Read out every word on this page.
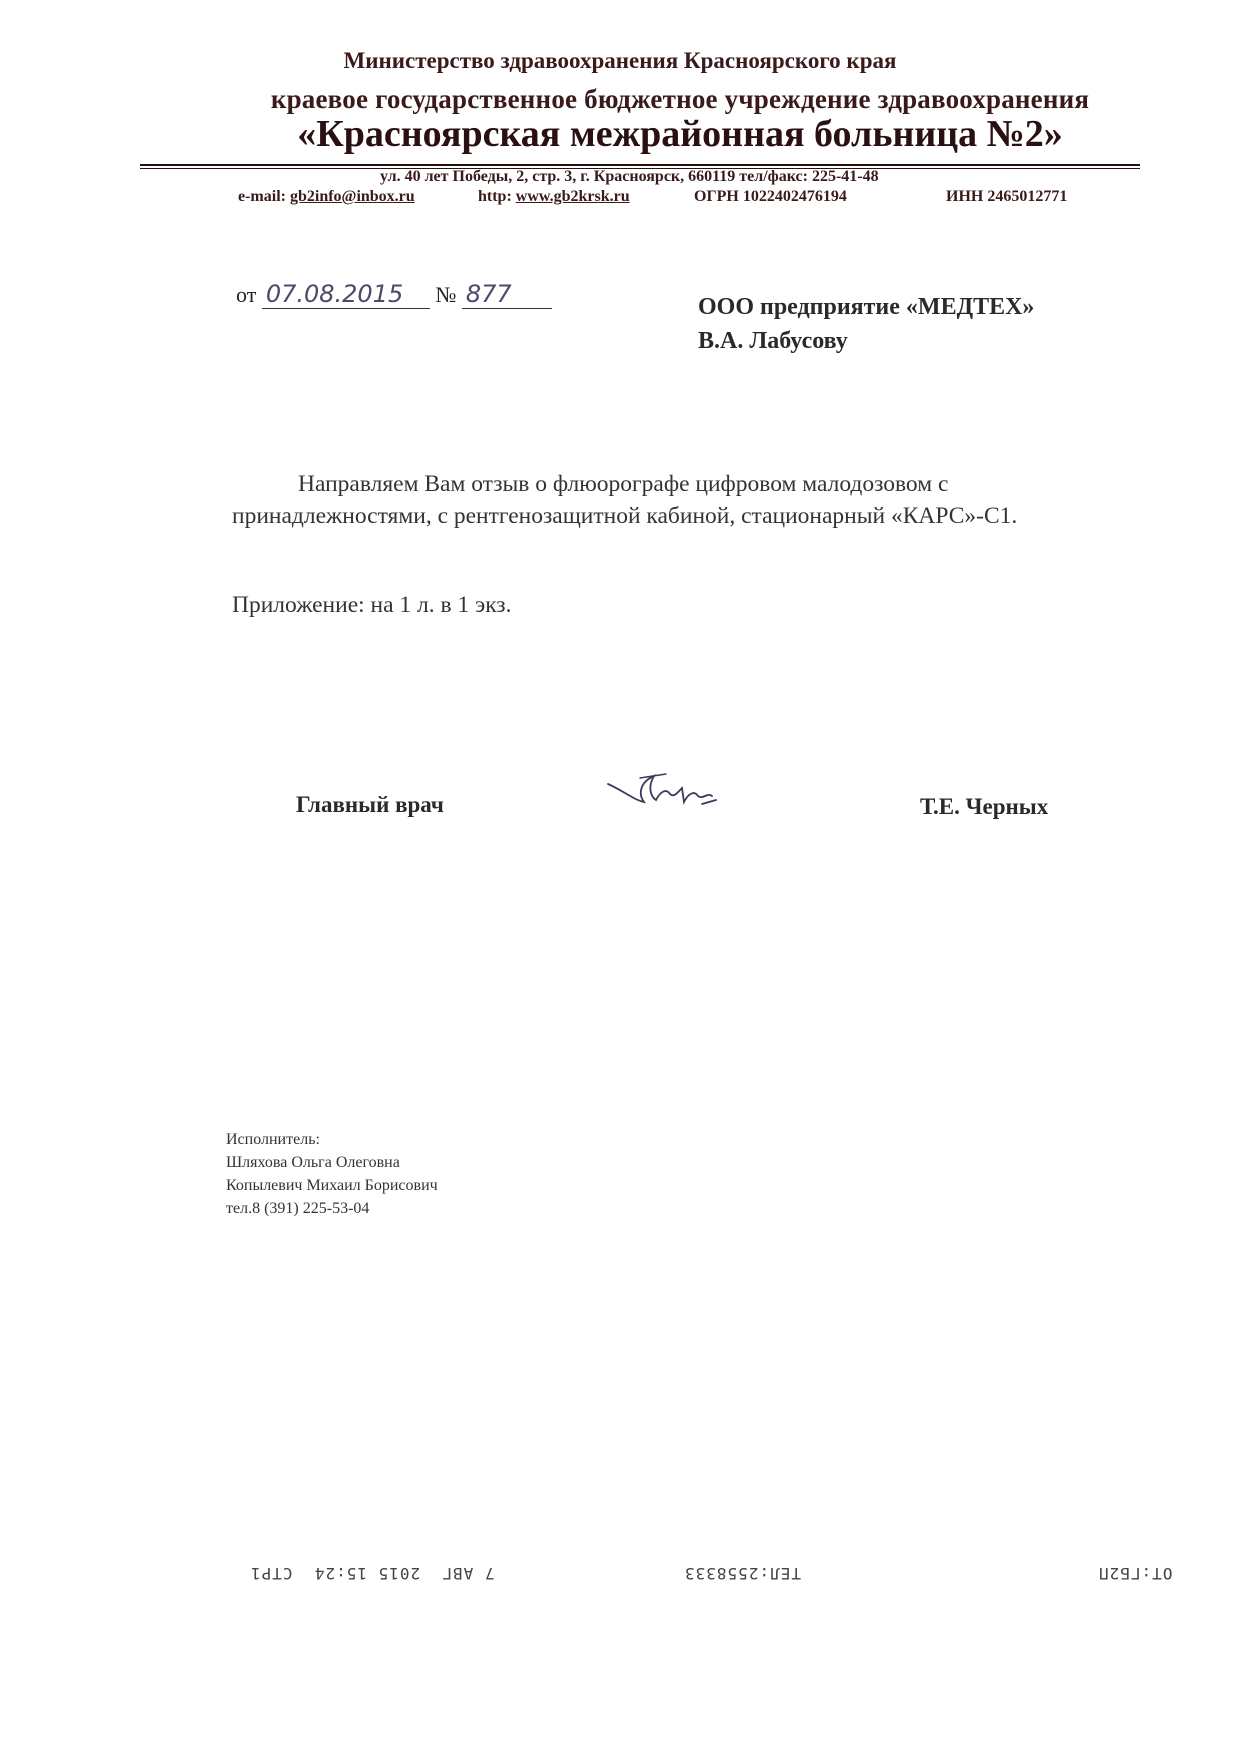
Министерство здравоохранения Красноярского края
краевое государственное бюджетное учреждение здравоохранения
«Красноярская межрайонная больница №2»
ул. 40 лет Победы, 2, стр. 3, г. Красноярск, 660119 тел/факс: 225-41-48
e-mail: gb2info@inbox.ru	http: www.gb2krsk.ru	ОГРН 1022402476194	ИНН 2465012771
от 07.08.2015 № 877	ООО предприятие «МЕДТЕХ»
В.А. Лабусову
Направляем Вам отзыв о флюорографе цифровом малодозовом с принадлежностями, с рентгенозащитной кабиной, стационарный «КАРС»-С1.
Приложение: на 1 л. в 1 экз.
Главный врач	Т.Е. Черных
Исполнитель:
Шляхова Ольга Олеговна
Копылевич Михаил Борисович
тел.8 (391) 225-53-04
7 АВГ  2015 15:24  СТР1	ТЕЛ:2558333	ОТ:ГБ2П
